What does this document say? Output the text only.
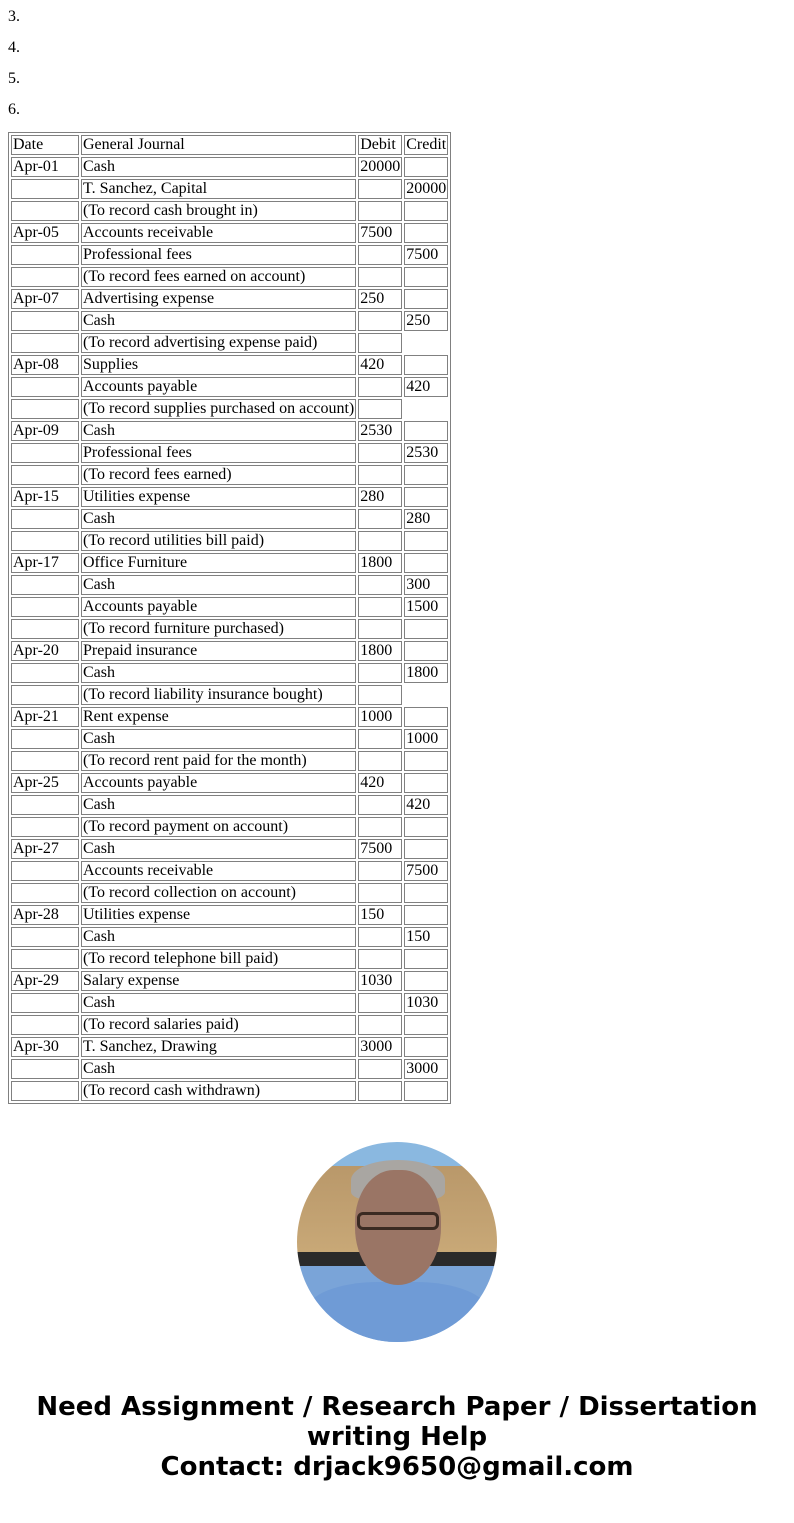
3.
4.
5.
6.
Date	General Journal	Debit	Credit
Apr-01	Cash	20000	
	T. Sanchez, Capital		20000
	(To record cash brought in)		
Apr-05	Accounts receivable	7500	
	Professional fees		7500
	(To record fees earned on account)		
Apr-07	Advertising expense	250	
	Cash		250
	(To record advertising expense paid)		
Apr-08	Supplies	420	
	Accounts payable		420
	(To record supplies purchased on account)		
Apr-09	Cash	2530	
	Professional fees		2530
	(To record fees earned)		
Apr-15	Utilities expense	280	
	Cash		280
	(To record utilities bill paid)		
Apr-17	Office Furniture	1800	
	Cash		300
	Accounts payable		1500
	(To record furniture purchased)		
Apr-20	Prepaid insurance	1800	
	Cash		1800
	(To record liability insurance bought)		
Apr-21	Rent expense	1000	
	Cash		1000
	(To record rent paid for the month)		
Apr-25	Accounts payable	420	
	Cash		420
	(To record payment on account)		
Apr-27	Cash	7500	
	Accounts receivable		7500
	(To record collection on account)		
Apr-28	Utilities expense	150	
	Cash		150
	(To record telephone bill paid)		
Apr-29	Salary expense	1030	
	Cash		1030
	(To record salaries paid)		
Apr-30	T. Sanchez, Drawing	3000	
	Cash		3000
	(To record cash withdrawn)		
Need Assignment / Research Paper / Dissertation
writing Help
Contact: drjack9650@gmail.com
